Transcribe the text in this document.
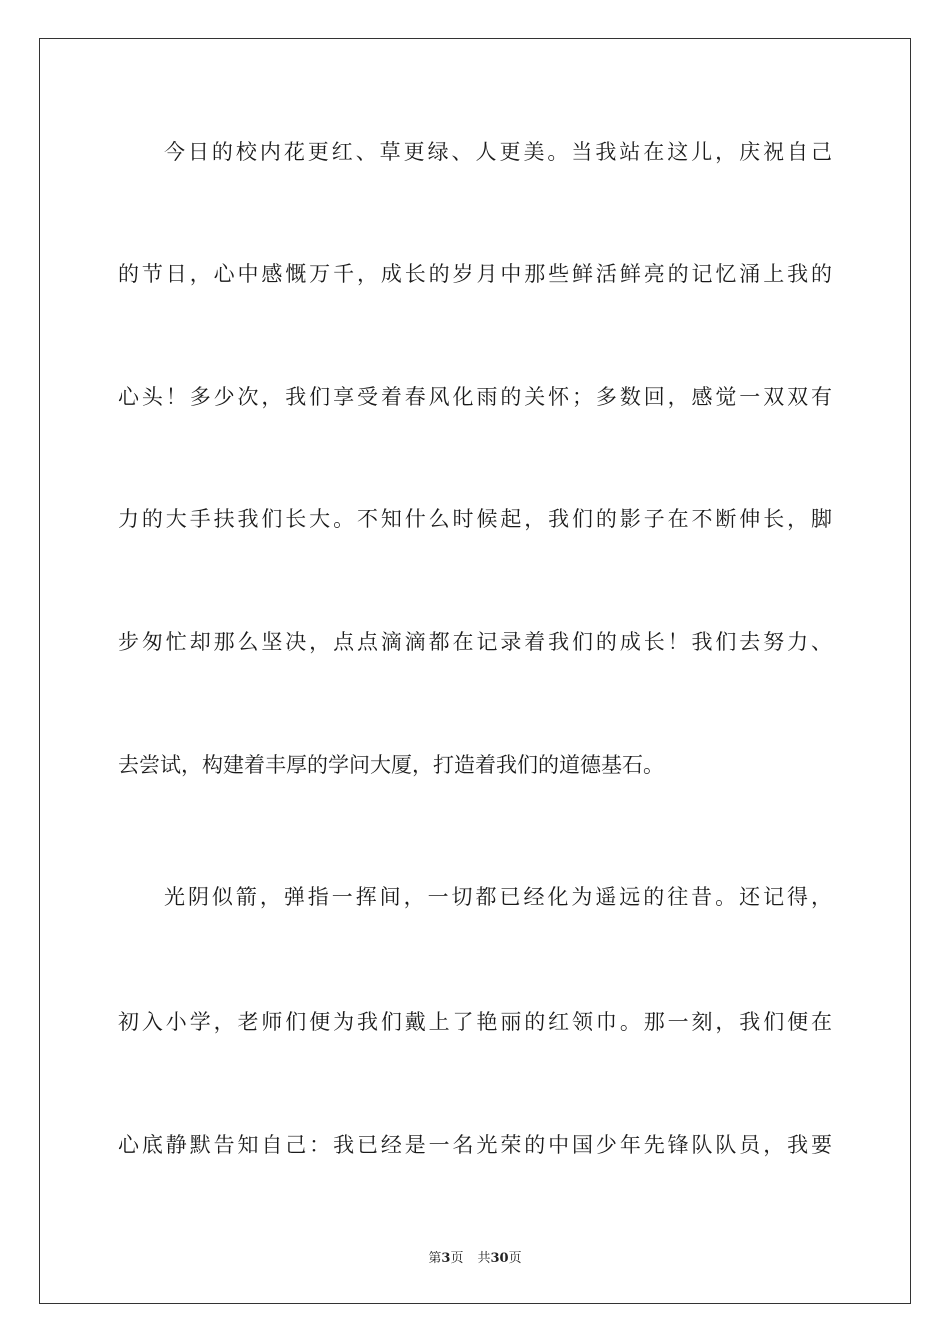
今日的校内花更红、草更绿、人更美。当我站在这儿，庆祝自己
的节日，心中感慨万千，成长的岁月中那些鲜活鲜亮的记忆涌上我的
心头！多少次，我们享受着春风化雨的关怀；多数回，感觉一双双有
力的大手扶我们长大。不知什么时候起，我们的影子在不断伸长，脚
步匆忙却那么坚决，点点滴滴都在记录着我们的成长！我们去努力、
去尝试，构建着丰厚的学问大厦，打造着我们的道德基石。
光阴似箭，弹指一挥间，一切都已经化为遥远的往昔。还记得，
初入小学，老师们便为我们戴上了艳丽的红领巾。那一刻，我们便在
心底静默告知自己：我已经是一名光荣的中国少年先锋队队员，我要
第3页 共30页
